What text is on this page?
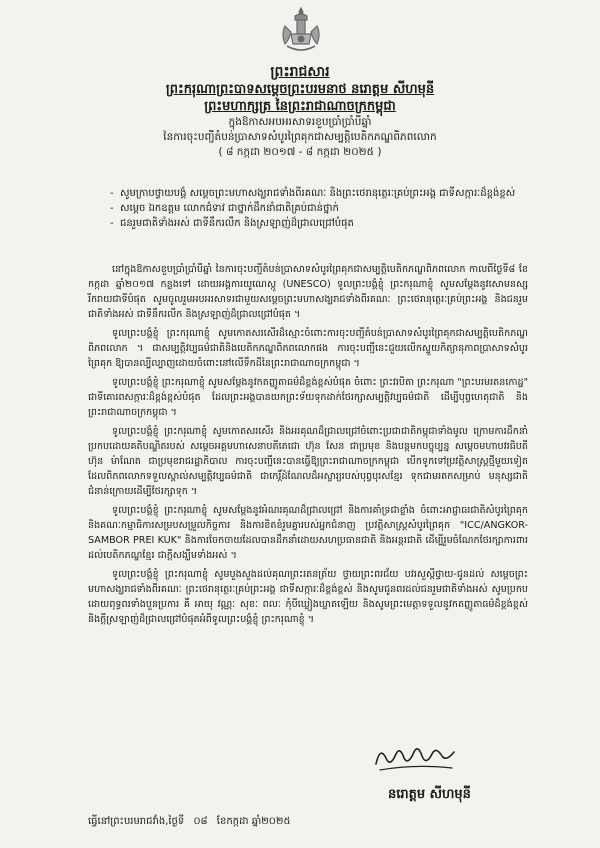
ព្រះរាជសារ
ព្រះករុណាព្រះបាទសម្តេចព្រះបរមនាថ នរោត្តម សីហមុនី
ព្រះមហាក្សត្រ នៃព្រះរាជាណាចក្រកម្ពុជា
ក្នុងឱកាសអបអរសាទរខួបប្រាំប្រាំបីឆ្នាំ
នៃការចុះបញ្ជីតំបន់ប្រាសាទសំបូរព្រៃគុកជាសម្បត្តិបេតិកភណ្ឌពិភពលោក
( ៨ កក្កដា ២០១៧ - ៨ កក្កដា ២០២៥ )
- សូមក្រាបថ្វាយបង្គំ សម្តេចព្រះមហាសង្ឃរាជទាំងពីរគណៈ និងព្រះថេរានុត្ថេរៈគ្រប់ព្រះអង្គ ជាទីសក្ការៈដ៏ខ្ពង់ខ្ពស់
- សម្តេច ឯកឧត្តម លោកជំទាវ ជាថ្នាក់ដឹកនាំជាតិគ្រប់ជាន់ថ្នាក់
- ជនរួមជាតិទាំងអស់ ជាទីនឹករលឹក និងស្រឡាញ់ដ៏ជ្រាលជ្រៅបំផុត

នៅក្នុងឱកាសខួបប្រាំប្រាំបីឆ្នាំ នៃការចុះបញ្ជីតំបន់ប្រាសាទសំបូរព្រៃគុកជាសម្បត្តិបេតិកភណ្ឌពិភពលោក កាលពីថ្ងៃទី៨ ខែកក្កដា ឆ្នាំ២០១៧ កន្លងទៅ ដោយអង្គការយូណេស្កូ (UNESCO) ទូលព្រះបង្គំខ្ញុំ ព្រះករុណាខ្ញុំ សូមសម្តែងនូវសោមនស្សរីករាយជាទីបំផុត សូមចូលរួមអបអរសាទរជាមួយសម្តេចព្រះមហាសង្ឃរាជទាំងពីរគណៈ ព្រះថេរានុត្ថេរៈគ្រប់ព្រះអង្គ និងជនរួមជាតិទាំងអស់ ជាទីនឹករលឹក និងស្រឡាញ់ដ៏ជ្រាលជ្រៅបំផុត ។

ទូលព្រះបង្គំខ្ញុំ ព្រះករុណាខ្ញុំ សូមកោតសរសើរដ៏ស្មោះចំពោះការចុះបញ្ជីតំបន់ប្រាសាទសំបូរព្រៃគុកជាសម្បត្តិបេតិកភណ្ឌពិភពលោក ។ ជាសម្បត្តិវប្បធម៌ជាតិនិងបេតិកភណ្ឌពិភពលោកផង ការចុះបញ្ជីនេះជួយលើកស្ទួយកិត្យានុភាពប្រាសាទសំបូរព្រៃគុក ឱ្យបានល្បីល្បាញដោយចំពោះនៅលើទឹកដីនៃព្រះរាជាណាចក្រកម្ពុជា ។

ទូលព្រះបង្គំខ្ញុំ ព្រះករុណាខ្ញុំ សូមសម្តែងនូវកតញ្ញូតាធម៌ដ៏ខ្ពង់ខ្ពស់បំផុត ចំពោះ ព្រះវរបិតា ព្រះករុណា "ព្រះបរមរតនកោដ្ឋ" ជាទីគោរពសក្ការៈដ៏ខ្ពង់ខ្ពស់បំផុត ដែលព្រះអង្គបានយកព្រះទ័យទុកដាក់ថែរក្សាសម្បត្តិវប្បធម៌ជាតិ ដើម្បីបុព្វហេតុជាតិ និងព្រះរាជាណាចក្រកម្ពុជា ។

ទូលព្រះបង្គំខ្ញុំ ព្រះករុណាខ្ញុំ សូមកោតសរសើរ និងអរគុណដ៏ជ្រាលជ្រៅចំពោះប្រជាជាតិកម្ពុជាទាំងមូល ក្រោមការដឹកនាំប្រកបដោយគតិបណ្ឌិតរបស់ សម្តេចអគ្គមហាសេនាបតីតេជោ ហ៊ុន សែន ជាប្រមុខ និងបន្តមកបច្ចុប្បន្ន សម្តេចមហាបវរធិបតី ហ៊ុន ម៉ាណែត ជាប្រមុខរាជរដ្ឋាភិបាល ការចុះបញ្ជីនេះបានធ្វើឱ្យព្រះរាជាណាចក្រកម្ពុជា បើកទូកទៅប្រវត្តិសាស្ត្រថ្មីមួយទៀត ដែលពិភពលោកទទួលស្គាល់សម្បត្តិវប្បធម៌ជាតិ ជាកេរ្តិ៍ដំណែលដ៏អស្ចារ្យរបស់បុព្វបុរសខ្មែរ ទុកជាមរតកសម្រាប់ មនុស្សជាតិជំនាន់ក្រោយដើម្បីថែរក្សាទុក ។

ទូលព្រះបង្គំខ្ញុំ ព្រះករុណាខ្ញុំ សូមសម្តែងនូវអំណរគុណដ៏ជ្រាលជ្រៅ និងការគាំទ្រជាខ្លាំង ចំពោះអាជ្ញាធរជាតិសំបូរព្រៃគុក និងគណៈកម្មាធិការសម្របសម្រួលកិច្ចការ និងការខិតខំរួមគ្នារបស់អ្នកជំនាញ ប្រវត្តិសាស្ត្រសំបូរព្រៃគុក "ICC/ANGKOR-SAMBOR PREI KUK" និងការចែកចាយដែលបានដឹកនាំដោយសហប្រធានជាតិ និងអន្តរជាតិ ដើម្បីរួមចំណែកថែរក្សាការពារដល់បេតិកភណ្ឌខ្មែរ ជាក្តីសង្ឃឹមទាំងអស់ ។

ទូលព្រះបង្គំខ្ញុំ ព្រះករុណាខ្ញុំ សូមបួងសួងដល់គុណព្រះរតនត្រ័យ ថ្វាយព្រះពរជ័យ បវរសួស្តីថ្វាយ-ជូនដល់ សម្តេចព្រះមហាសង្ឃរាជទាំងពីរគណៈ ព្រះថេរានុត្ថេរៈគ្រប់ព្រះអង្គ ជាទីសក្ការៈដ៏ខ្ពង់ខ្ពស់ និងសូមជូនពរដល់ជនរួមជាតិទាំងអស់ សូមប្រកបដោយពុទ្ធពរទាំងបួនប្រការ គឺ អាយុ វណ្ណៈ សុខៈ ពលៈ កុំបីឃ្លៀងឃ្លាតឡើយ និងសូមព្រះមេត្តាទទួលនូវកតញ្ញូតាធម៌ដ៏ខ្ពង់ខ្ពស់ និងក្តីស្រឡាញ់ដ៏ជ្រាលជ្រៅបំផុតអំពីទូលព្រះបង្គំខ្ញុំ ព្រះករុណាខ្ញុំ ។

នរោត្តម សីហមុនី
ធ្វើនៅព្រះបរមរាជវាំង,ថ្ងៃទី ០៨ ខែកក្កដា ឆ្នាំ២០២៥
